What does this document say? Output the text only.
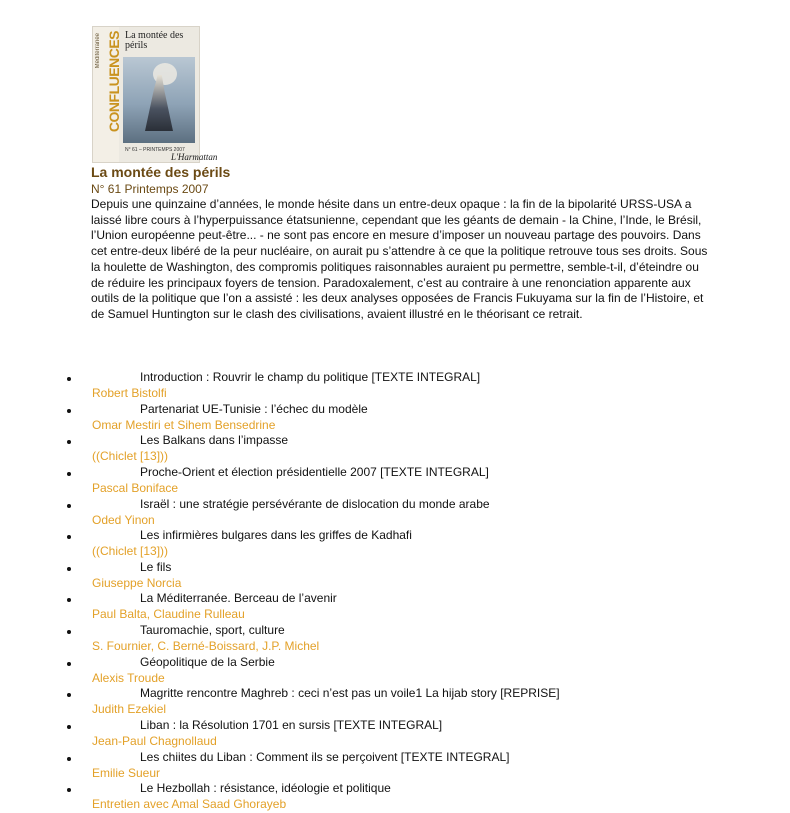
CONFLUENCES
Méditerranée La montée des périls
N° 61 – PRINTEMPS 2007
L'Harmattan
La montée des périls
N° 61 Printemps 2007

Depuis une quinzaine d’années, le monde hésite dans un entre-deux opaque : la fin de la bipolarité URSS-USA a laissé libre cours à l’hyperpuissance étatsunienne, cependant que les géants de demain - la Chine, l’Inde, le Brésil, l’Union européenne peut-être... - ne sont pas encore en mesure d’imposer un nouveau partage des pouvoirs. Dans cet entre-deux libéré de la peur nucléaire, on aurait pu s’attendre à ce que la politique retrouve tous ses droits. Sous la houlette de Washington, des compromis politiques raisonnables auraient pu permettre, semble-t-il, d’éteindre ou de réduire les principaux foyers de tension. Paradoxalement, c’est au contraire à une renonciation apparente aux outils de la politique que l’on a assisté : les deux analyses opposées de Francis Fukuyama sur la fin de l’Histoire, et de Samuel Huntington sur le clash des civilisations, avaient illustré en le théorisant ce retrait.

Introduction : Rouvrir le champ du politique [TEXTE INTEGRAL]
Robert Bistolfi
Partenariat UE-Tunisie : l’échec du modèle
Omar Mestiri et Sihem Bensedrine
Les Balkans dans l’impasse
((Chiclet [13]))
Proche-Orient et élection présidentielle 2007 [TEXTE INTEGRAL]
Pascal Boniface
Israël : une stratégie persévérante de dislocation du monde arabe
Oded Yinon
Les infirmières bulgares dans les griffes de Kadhafi
((Chiclet [13]))
Le fils
Giuseppe Norcia
La Méditerranée. Berceau de l’avenir
Paul Balta, Claudine Rulleau
Tauromachie, sport, culture
S. Fournier, C. Berné-Boissard, J.P. Michel
Géopolitique de la Serbie
Alexis Troude
Magritte rencontre Maghreb : ceci n’est pas un voile1 La hijab story [REPRISE]
Judith Ezekiel
Liban : la Résolution 1701 en sursis [TEXTE INTEGRAL]
Jean-Paul Chagnollaud
Les chiites du Liban : Comment ils se perçoivent [TEXTE INTEGRAL]
Emilie Sueur
Le Hezbollah : résistance, idéologie et politique
Entretien avec Amal Saad Ghorayeb
